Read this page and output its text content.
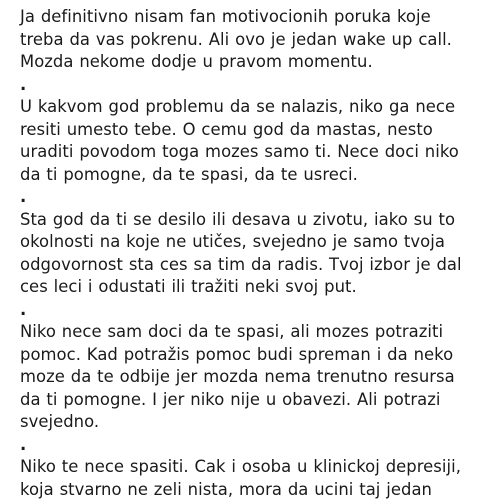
Ja definitivno nisam fan motivocionih poruka koje
treba da vas pokrenu. Ali ovo je jedan wake up call.
Mozda nekome dodje u pravom momentu.

.

U kakvom god problemu da se nalazis, niko ga nece
resiti umesto tebe. O cemu god da mastas, nesto
uraditi povodom toga mozes samo ti. Nece doci niko
da ti pomogne, da te spasi, da te usreci.

.

Sta god da ti se desilo ili desava u zivotu, iako su to
okolnosti na koje ne utičes, svejedno je samo tvoja
odgovornost sta ces sa tim da radis. Tvoj izbor je dal
ces leci i odustati ili tražiti neki svoj put.

.

Niko nece sam doci da te spasi, ali mozes potraziti
pomoc. Kad potražis pomoc budi spreman i da neko
moze da te odbije jer mozda nema trenutno resursa
da ti pomogne. I jer niko nije u obavezi. Ali potrazi
svejedno.

.

Niko te nece spasiti. Cak i osoba u klinickoj depresiji,
koja stvarno ne zeli nista, mora da ucini taj jedan
